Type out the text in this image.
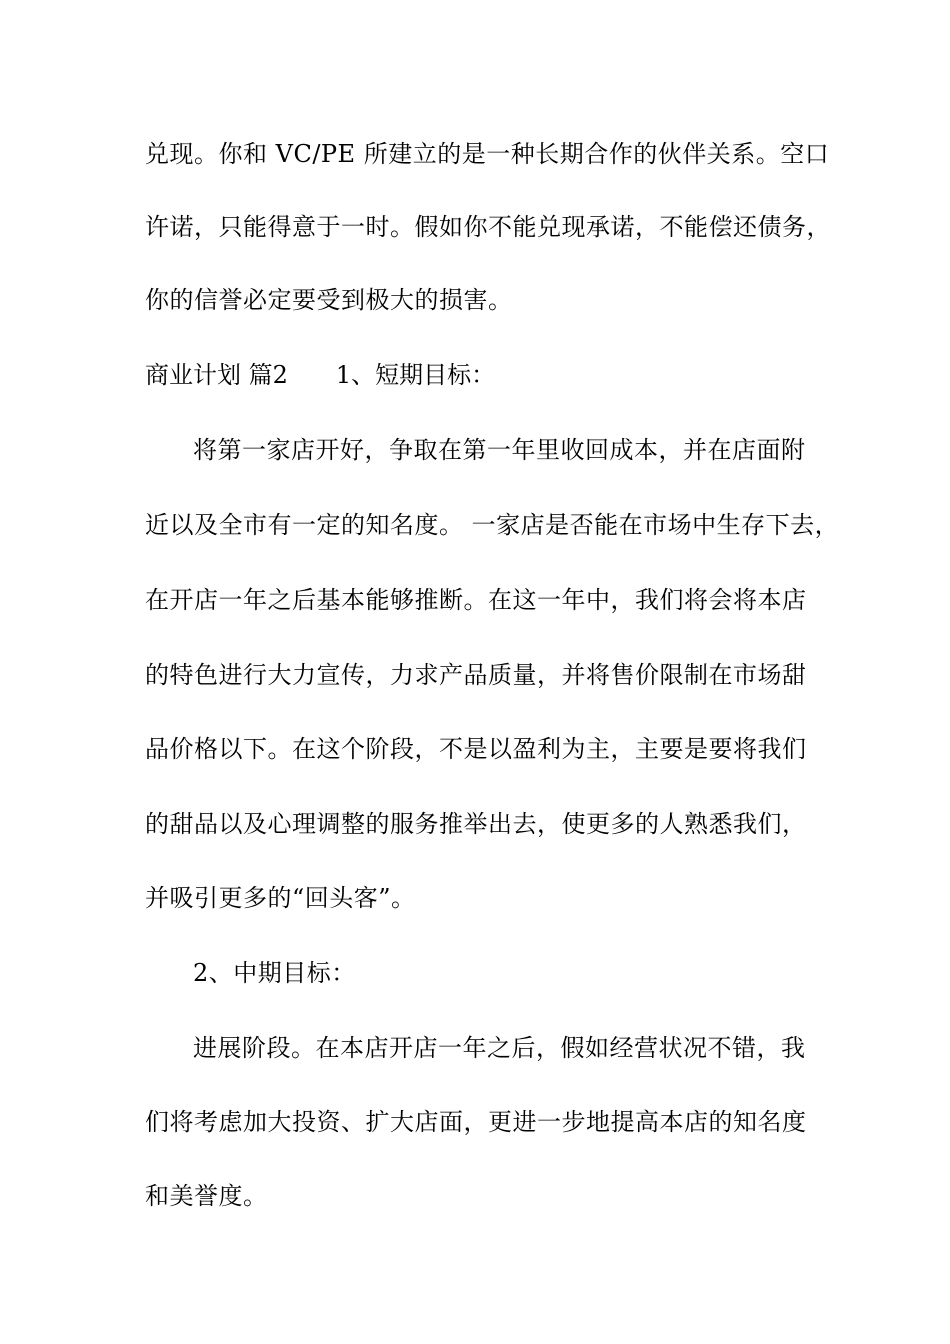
兑现。你和 VC/PE 所建立的是一种长期合作的伙伴关系。空口
许诺，只能得意于一时。假如你不能兑现承诺，不能偿还债务，
你的信誉必定要受到极大的损害。
商业计划 篇2 1、短期目标：
将第一家店开好，争取在第一年里收回成本，并在店面附
近以及全市有一定的知名度。 一家店是否能在市场中生存下去，
在开店一年之后基本能够推断。在这一年中，我们将会将本店
的特色进行大力宣传，力求产品质量，并将售价限制在市场甜
品价格以下。在这个阶段，不是以盈利为主，主要是要将我们
的甜品以及心理调整的服务推举出去，使更多的人熟悉我们，
并吸引更多的“回头客”。
2、中期目标：
进展阶段。在本店开店一年之后，假如经营状况不错，我
们将考虑加大投资、扩大店面，更进一步地提高本店的知名度
和美誉度。
